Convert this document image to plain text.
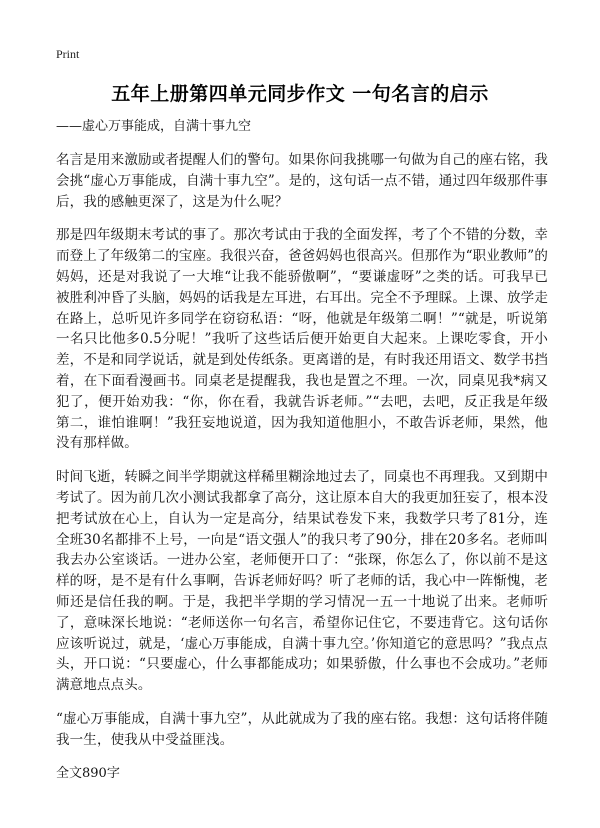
Print
五年上册第四单元同步作文 一句名言的启示
——虚心万事能成，自满十事九空

名言是用来激励或者提醒人们的警句。如果你问我挑哪一句做为自己的座右铭，我会挑“虚心万事能成，自满十事九空”。是的，这句话一点不错，通过四年级那件事后，我的感触更深了，这是为什么呢？

那是四年级期末考试的事了。那次考试由于我的全面发挥，考了个不错的分数，幸而登上了年级第二的宝座。我很兴奋，爸爸妈妈也很高兴。但那作为“职业教师”的妈妈，还是对我说了一大堆“让我不能骄傲啊”，“要谦虚呀”之类的话。可我早已被胜利冲昏了头脑，妈妈的话我是左耳进，右耳出。完全不予理睬。上课、放学走在路上，总听见许多同学在窃窃私语：“呀，他就是年级第二啊！”“就是，听说第一名只比他多0.5分呢！”我听了这些话后便开始更自大起来。上课吃零食，开小差，不是和同学说话，就是到处传纸条。更离谱的是，有时我还用语文、数学书挡着，在下面看漫画书。同桌老是提醒我，我也是置之不理。一次，同桌见我*病又犯了，便开始劝我：“你，你在看，我就告诉老师。”“去吧，去吧，反正我是年级第二，谁怕谁啊！”我狂妄地说道，因为我知道他胆小，不敢告诉老师，果然，他没有那样做。

时间飞逝，转瞬之间半学期就这样稀里糊涂地过去了，同桌也不再理我。又到期中考试了。因为前几次小测试我都拿了高分，这让原本自大的我更加狂妄了，根本没把考试放在心上，自认为一定是高分，结果试卷发下来，我数学只考了81分，连全班30名都排不上号，一向是“语文强人”的我只考了90分，排在20多名。老师叫我去办公室谈话。一进办公室，老师便开口了：“张琛，你怎么了，你以前不是这样的呀，是不是有什么事啊，告诉老师好吗？听了老师的话，我心中一阵惭愧，老师还是信任我的啊。于是，我把半学期的学习情况一五一十地说了出来。老师听了，意味深长地说：“老师送你一句名言，希望你记住它，不要违背它。这句话你应该听说过，就是，‘虚心万事能成，自满十事九空。’你知道它的意思吗？”我点点头，开口说：“只要虚心，什么事都能成功；如果骄傲，什么事也不会成功。”老师满意地点点头。

“虚心万事能成，自满十事九空”，从此就成为了我的座右铭。我想：这句话将伴随我一生，使我从中受益匪浅。

全文890字
